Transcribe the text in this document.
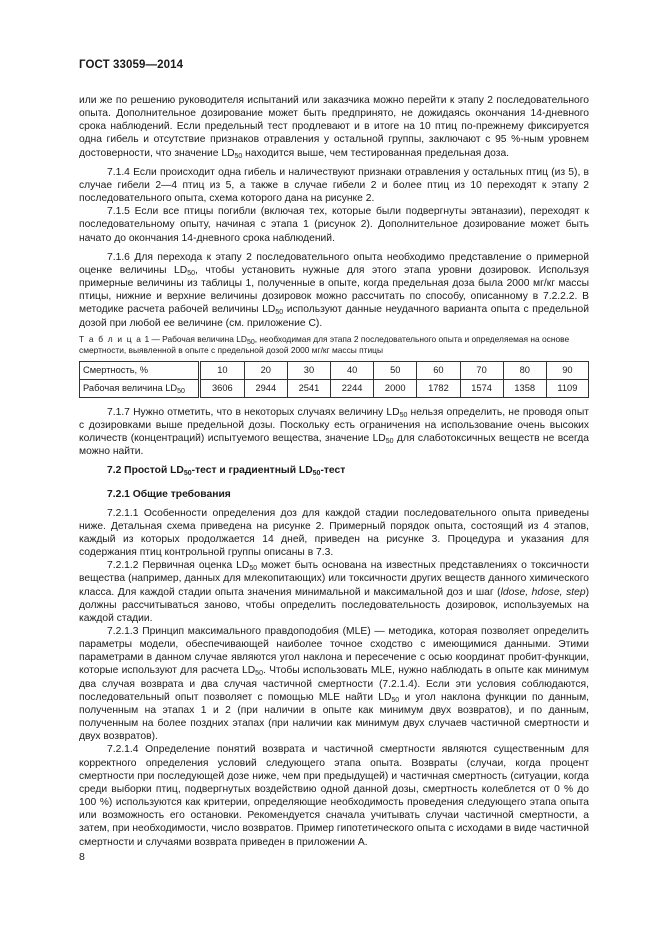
ГОСТ 33059—2014

или же по решению руководителя испытаний или заказчика можно перейти к этапу 2 последовательного опыта. Дополнительное дозирование может быть предпринято, не дожидаясь окончания 14-дневного срока наблюдений. Если предельный тест продлевают и в итоге на 10 птиц по-прежнему фиксируется одна гибель и отсутствие признаков отравления у остальной группы, заключают с 95 %-ным уровнем достоверности, что значение $LD_{50}$ находится выше, чем тестированная предельная доза.

7.1.4 Если происходит одна гибель и наличествуют признаки отравления у остальных птиц (из 5), в случае гибели 2—4 птиц из 5, а также в случае гибели 2 и более птиц из 10 переходят к этапу 2 последовательного опыта, схема которого дана на рисунке 2.

7.1.5 Если все птицы погибли (включая тех, которые были подвергнуты эвтаназии), переходят к последовательному опыту, начиная с этапа 1 (рисунок 2). Дополнительное дозирование может быть начато до окончания 14-дневного срока наблюдений.

7.1.6 Для перехода к этапу 2 последовательного опыта необходимо представление о примерной оценке величины $LD_{50}$, чтобы установить нужные для этого этапа уровни дозировок. Используя примерные величины из таблицы 1, полученные в опыте, когда предельная доза была 2000 мг/кг массы птицы, нижние и верхние величины дозировок можно рассчитать по способу, описанному в 7.2.2.2. В методике расчета рабочей величины $LD_{50}$ используют данные неудачного варианта опыта с предельной дозой при любой ее величине (см. приложение С).

Т а б л и ц а 1 — Рабочая величина $LD_{50}$, необходимая для этапа 2 последовательного опыта и определяемая на основе смертности, выявленной в опыте с предельной дозой 2000 мг/кг массы птицы

Смертность, %	10	20	30	40	50	60	70	80	90
Рабочая величина $LD_{50}$	3606	2944	2541	2244	2000	1782	1574	1358	1109

7.1.7 Нужно отметить, что в некоторых случаях величину $LD_{50}$ нельзя определить, не проводя опыт с дозировками выше предельной дозы. Поскольку есть ограничения на использование очень высоких количеств (концентраций) испытуемого вещества, значение $LD_{50}$ для слаботоксичных веществ не всегда можно найти.

7.2 Простой $LD_{50}$-тест и градиентный $LD_{50}$-тест

7.2.1 Общие требования

7.2.1.1 Особенности определения доз для каждой стадии последовательного опыта приведены ниже. Детальная схема приведена на рисунке 2. Примерный порядок опыта, состоящий из 4 этапов, каждый из которых продолжается 14 дней, приведен на рисунке 3. Процедура и указания для содержания птиц контрольной группы описаны в 7.3.

7.2.1.2 Первичная оценка $LD_{50}$ может быть основана на известных представлениях о токсичности вещества (например, данных для млекопитающих) или токсичности других веществ данного химического класса. Для каждой стадии опыта значения минимальной и максимальной доз и шаг (ldose, hdose, step) должны рассчитываться заново, чтобы определить последовательность дозировок, используемых на каждой стадии.

7.2.1.3 Принцип максимального правдоподобия (MLE) — методика, которая позволяет определить параметры модели, обеспечивающей наиболее точное сходство с имеющимися данными. Этими параметрами в данном случае являются угол наклона и пересечение с осью координат пробит-функции, которые используют для расчета $LD_{50}$. Чтобы использовать MLE, нужно наблюдать в опыте как минимум два случая возврата и два случая частичной смертности (7.2.1.4). Если эти условия соблюдаются, последовательный опыт позволяет с помощью MLE найти $LD_{50}$ и угол наклона функции по данным, полученным на этапах 1 и 2 (при наличии в опыте как минимум двух возвратов), и по данным, полученным на более поздних этапах (при наличии как минимум двух случаев частичной смертности и двух возвратов).

7.2.1.4 Определение понятий возврата и частичной смертности являются существенным для корректного определения условий следующего этапа опыта. Возвраты (случаи, когда процент смертности при последующей дозе ниже, чем при предыдущей) и частичная смертность (ситуации, когда среди выборки птиц, подвергнутых воздействию одной данной дозы, смертность колеблется от 0 % до 100 %) используются как критерии, определяющие необходимость проведения следующего этапа опыта или возможность его остановки. Рекомендуется сначала учитывать случаи частичной смертности, а затем, при необходимости, число возвратов. Пример гипотетического опыта с исходами в виде частичной смертности и случаями возврата приведен в приложении А.

8
